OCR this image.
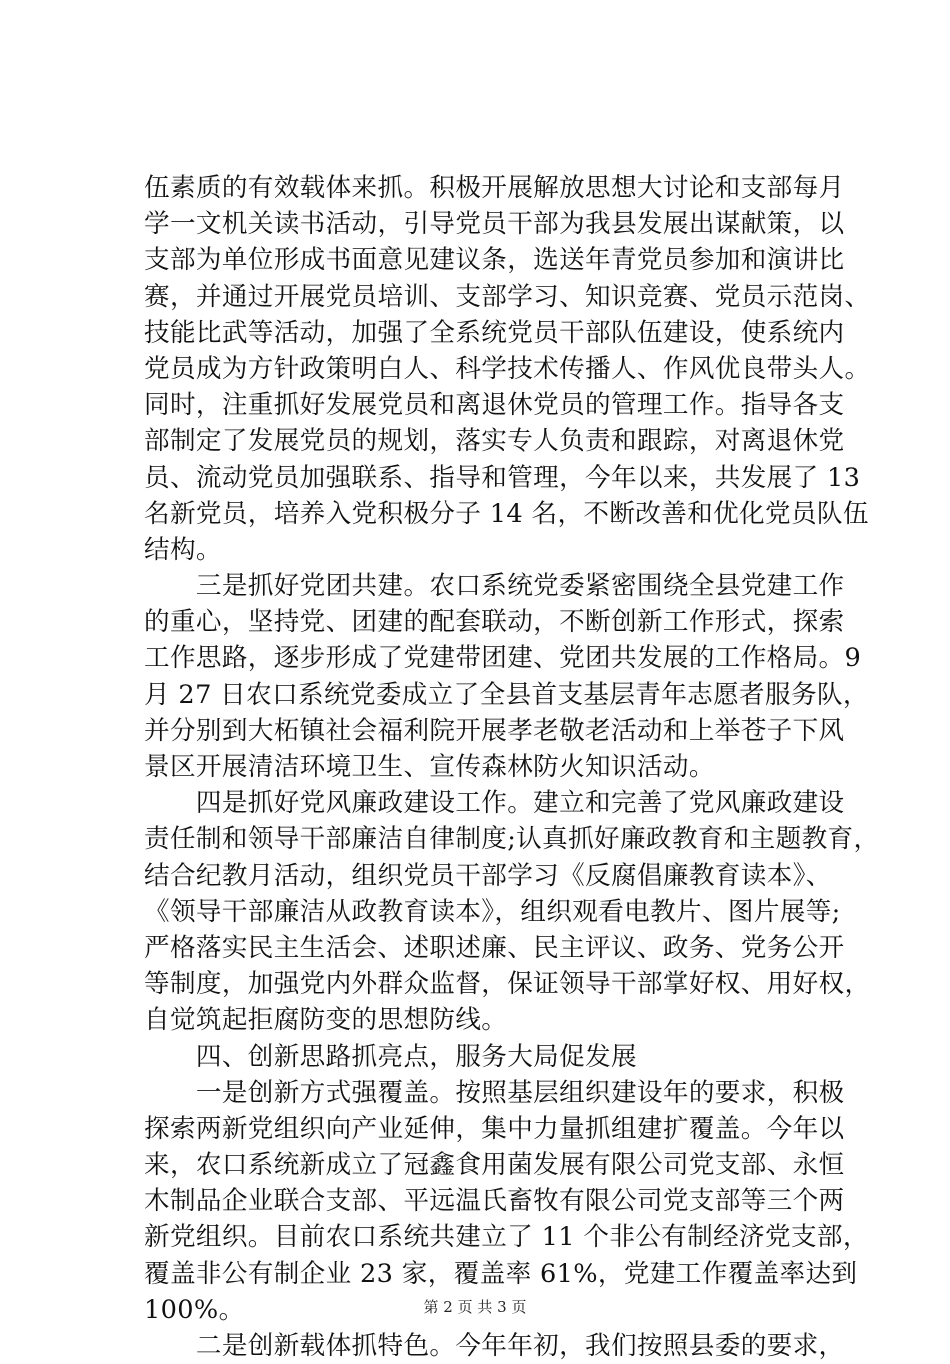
伍素质的有效载体来抓。积极开展解放思想大讨论和支部每月
学一文机关读书活动，引导党员干部为我县发展出谋献策，以
支部为单位形成书面意见建议条，选送年青党员参加和演讲比
赛，并通过开展党员培训、支部学习、知识竞赛、党员示范岗、
技能比武等活动，加强了全系统党员干部队伍建设，使系统内
党员成为方针政策明白人、科学技术传播人、作风优良带头人。
同时，注重抓好发展党员和离退休党员的管理工作。指导各支
部制定了发展党员的规划，落实专人负责和跟踪，对离退休党
员、流动党员加强联系、指导和管理，今年以来，共发展了 13
名新党员，培养入党积极分子 14 名，不断改善和优化党员队伍
结构。
　　三是抓好党团共建。农口系统党委紧密围绕全县党建工作
的重心，坚持党、团建的配套联动，不断创新工作形式，探索
工作思路，逐步形成了党建带团建、党团共发展的工作格局。9
月 27 日农口系统党委成立了全县首支基层青年志愿者服务队，
并分别到大柘镇社会福利院开展孝老敬老活动和上举苍子下风
景区开展清洁环境卫生、宣传森林防火知识活动。
　　四是抓好党风廉政建设工作。建立和完善了党风廉政建设
责任制和领导干部廉洁自律制度;认真抓好廉政教育和主题教育，
结合纪教月活动，组织党员干部学习《反腐倡廉教育读本》、
《领导干部廉洁从政教育读本》，组织观看电教片、图片展等;
严格落实民主生活会、述职述廉、民主评议、政务、党务公开
等制度，加强党内外群众监督，保证领导干部掌好权、用好权，
自觉筑起拒腐防变的思想防线。
　　四、创新思路抓亮点，服务大局促发展
　　一是创新方式强覆盖。按照基层组织建设年的要求，积极
探索两新党组织向产业延伸，集中力量抓组建扩覆盖。今年以
来，农口系统新成立了冠鑫食用菌发展有限公司党支部、永恒
木制品企业联合支部、平远温氏畜牧有限公司党支部等三个两
新党组织。目前农口系统共建立了 11 个非公有制经济党支部，
覆盖非公有制企业 23 家，覆盖率 61%，党建工作覆盖率达到
100%。
　　二是创新载体抓特色。今年年初，我们按照县委的要求，
第 2 页 共 3 页
